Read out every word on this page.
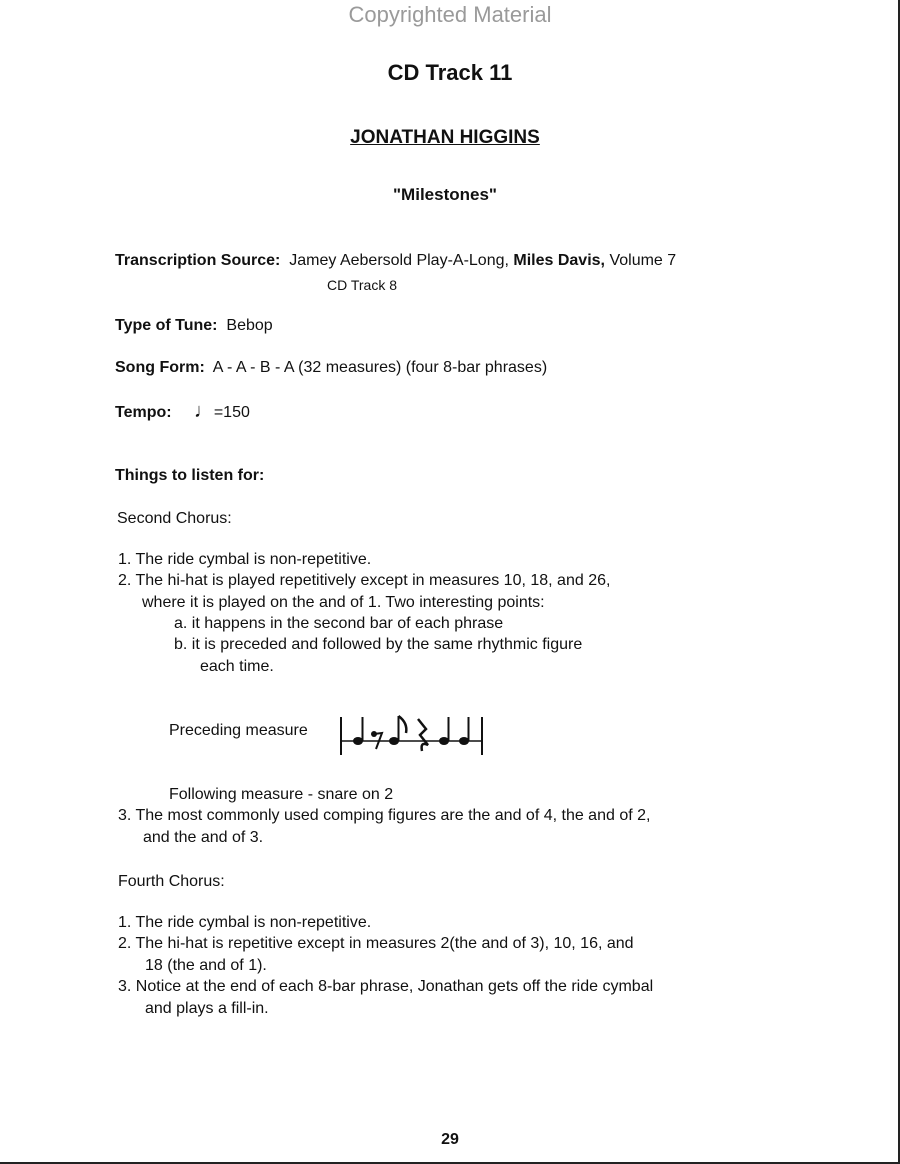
Copyrighted Material
CD Track 11
JONATHAN HIGGINS
"Milestones"
Transcription Source: Jamey Aebersold Play-A-Long, Miles Davis, Volume 7
CD Track 8
Type of Tune: Bebop
Song Form: A - A - B - A (32 measures) (four 8-bar phrases)
Tempo: ♩=150
Things to listen for:
Second Chorus:
1. The ride cymbal is non-repetitive.
2. The hi-hat is played repetitively except in measures 10, 18, and 26,
where it is played on the and of 1. Two interesting points:
a. it happens in the second bar of each phrase
b. it is preceded and followed by the same rhythmic figure
each time.
Preceding measure
Following measure - snare on 2
3. The most commonly used comping figures are the and of 4, the and of 2,
and the and of 3.
Fourth Chorus:
1. The ride cymbal is non-repetitive.
2. The hi-hat is repetitive except in measures 2(the and of 3), 10, 16, and
18 (the and of 1).
3. Notice at the end of each 8-bar phrase, Jonathan gets off the ride cymbal
and plays a fill-in.
29
